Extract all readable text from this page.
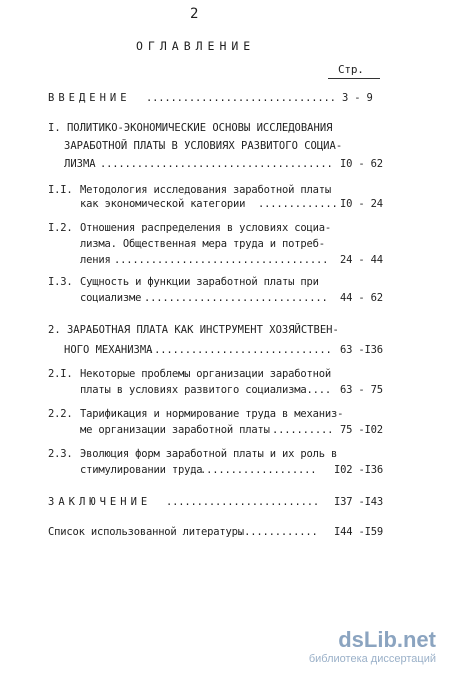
2
ОГЛАВЛЕНИЕ
Стр.
ВВЕДЕНИЕ ............................... 3 - 9
I. ПОЛИТИКО-ЭКОНОМИЧЕСКИЕ ОСНОВЫ ИССЛЕДОВАНИЯ
ЗАРАБОТНОЙ ПЛАТЫ В УСЛОВИЯХ РАЗВИТОГО СОЦИА-
ЛИЗМА ...................................... I0 - 62
I.I. Методология исследования заработной платы
как экономической категории ............. I0 - 24
I.2. Отношения распределения в условиях социа-
лизма. Общественная мера труда и потреб-
ления ................................... 24 - 44
I.3. Сущность и функции заработной платы при
социализме .............................. 44 - 62
2. ЗАРАБОТНАЯ ПЛАТА КАК ИНСТРУМЕНТ ХОЗЯЙСТВЕН-
НОГО МЕХАНИЗМА
.............................. 63 -I36
2.I. Некоторые проблемы организации заработной
платы в условиях развитого социализма.... 63 - 75
2.2. Тарификация и нормирование труда в механиз-
ме организации заработной платы .......... 75 -I02
2.3. Эволюция форм заработной платы и их роль в
стимулировании труда
................... I02 -I36
ЗАКЛЮЧЕНИЕ ......................... I37 -I43
Список использованной литературы
............. I44 -I59
dsLib.net
библиотека диссертаций
